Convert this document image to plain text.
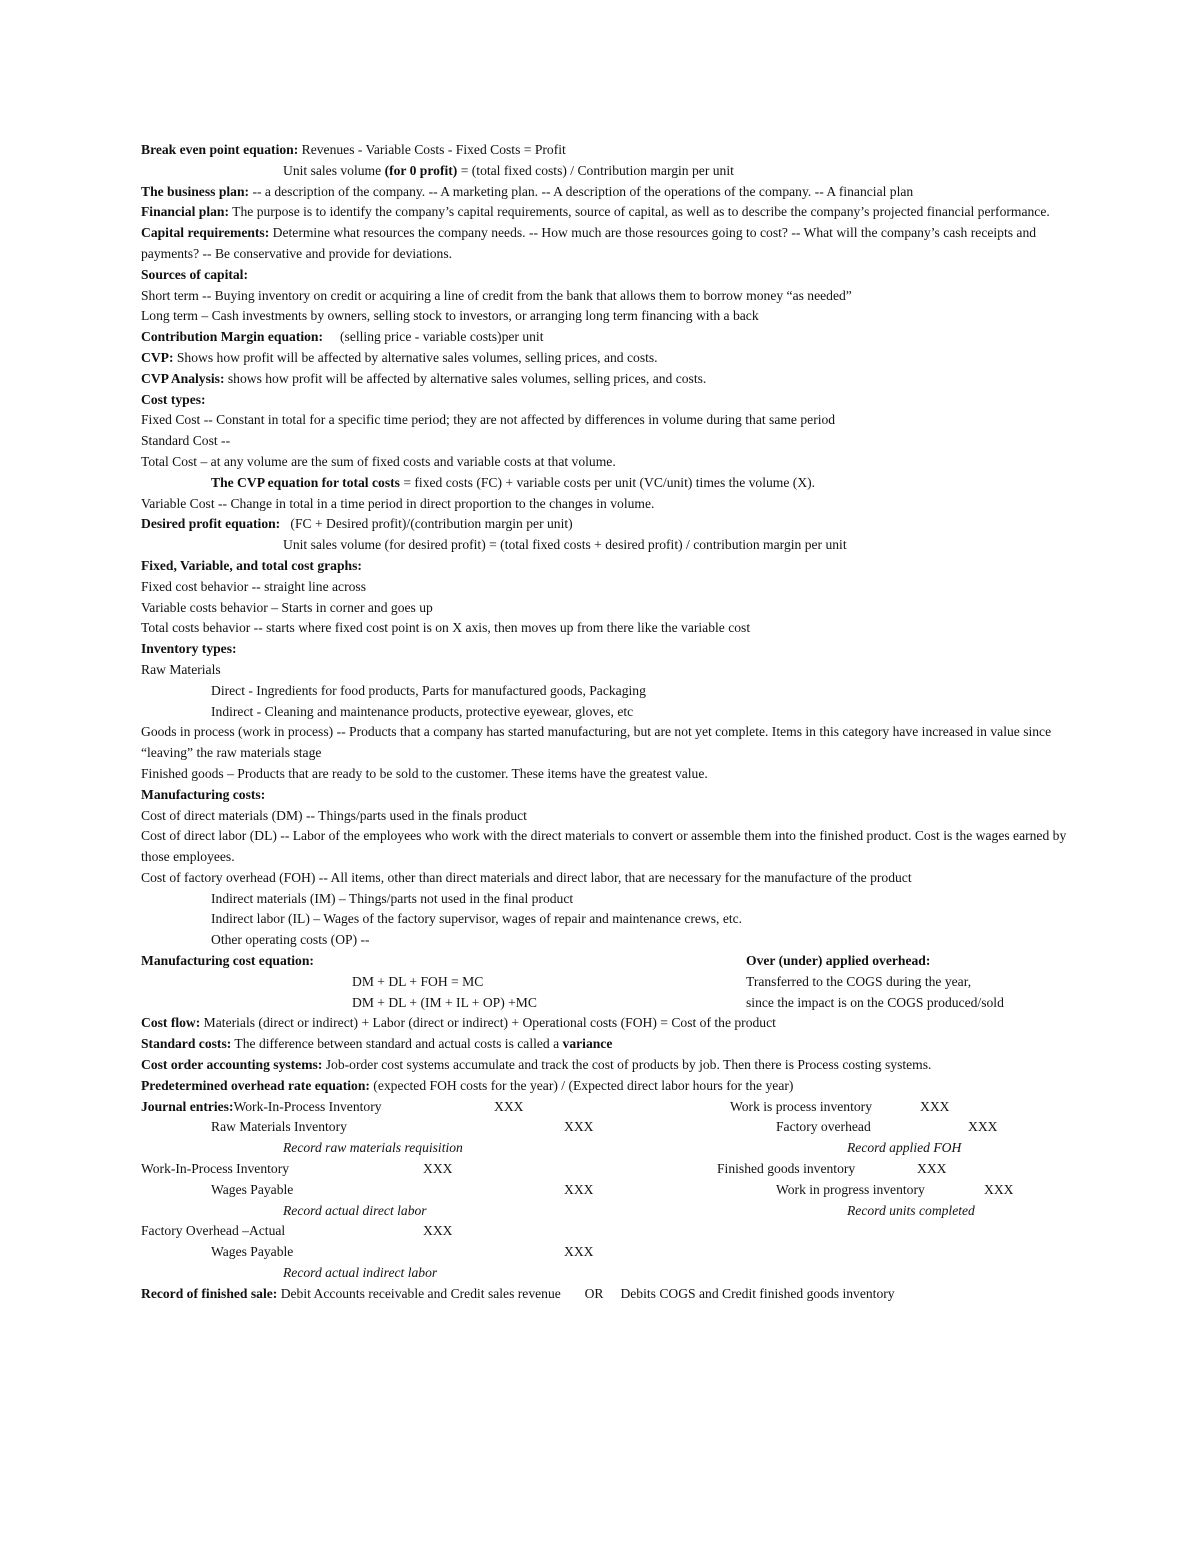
Break even point equation: Revenues - Variable Costs - Fixed Costs = Profit
Unit sales volume (for 0 profit) = (total fixed costs) / Contribution margin per unit
The business plan: -- a description of the company. -- A marketing plan. -- A description of the operations of the company. -- A financial plan
Financial plan: The purpose is to identify the company’s capital requirements, source of capital, as well as to describe the company’s projected financial performance.
Capital requirements: Determine what resources the company needs. -- How much are those resources going to cost? -- What will the company’s cash receipts and payments? -- Be conservative and provide for deviations.
Sources of capital:
Short term -- Buying inventory on credit or acquiring a line of credit from the bank that allows them to borrow money “as needed”
Long term – Cash investments by owners, selling stock to investors, or arranging long term financing with a back
Contribution Margin equation:     (selling price - variable costs)per unit
CVP: Shows how profit will be affected by alternative sales volumes, selling prices, and costs.
CVP Analysis: shows how profit will be affected by alternative sales volumes, selling prices, and costs.
Cost types:
Fixed Cost -- Constant in total for a specific time period; they are not affected by differences in volume during that same period
Standard Cost --
Total Cost – at any volume are the sum of fixed costs and variable costs at that volume.
The CVP equation for total costs = fixed costs (FC) + variable costs per unit (VC/unit) times the volume (X).
Variable Cost -- Change in total in a time period in direct proportion to the changes in volume.
Desired profit equation:   (FC + Desired profit)/(contribution margin per unit)
Unit sales volume (for desired profit) = (total fixed costs + desired profit) / contribution margin per unit
Fixed, Variable, and total cost graphs:
Fixed cost behavior -- straight line across
Variable costs behavior – Starts in corner and goes up
Total costs behavior -- starts where fixed cost point is on X axis, then moves up from there like the variable cost
Inventory types:
Raw Materials
Direct - Ingredients for food products, Parts for manufactured goods, Packaging
Indirect - Cleaning and maintenance products, protective eyewear, gloves, etc
Goods in process (work in process) -- Products that a company has started manufacturing, but are not yet complete. Items in this category have increased in value since “leaving” the raw materials stage
Finished goods – Products that are ready to be sold to the customer. These items have the greatest value.
Manufacturing costs:
Cost of direct materials (DM) -- Things/parts used in the finals product
Cost of direct labor (DL) -- Labor of the employees who work with the direct materials to convert or assemble them into the finished product. Cost is the wages earned by those employees.
Cost of factory overhead (FOH) -- All items, other than direct materials and direct labor, that are necessary for the manufacture of the product
Indirect materials (IM) – Things/parts not used in the final product
Indirect labor (IL) – Wages of the factory supervisor, wages of repair and maintenance crews, etc.
Other operating costs (OP) --
Manufacturing cost equation:	Over (under) applied overhead:
DM + DL + FOH = MC	Transferred to the COGS during the year,
DM + DL + (IM + IL + OP) +MC	since the impact is on the COGS produced/sold
Cost flow: Materials (direct or indirect) + Labor (direct or indirect) + Operational costs (FOH) = Cost of the product
Standard costs: The difference between standard and actual costs is called a variance
Cost order accounting systems: Job-order cost systems accumulate and track the cost of products by job. Then there is Process costing systems.
Predetermined overhead rate equation: (expected FOH costs for the year) / (Expected direct labor hours for the year)
Journal entries:Work-In-Process Inventory	XXX	Work is process inventory	XXX
Raw Materials Inventory	XXX	Factory overhead	XXX
Record raw materials requisition	Record applied FOH
Work-In-Process Inventory	XXX	Finished goods inventory	XXX
Wages Payable	XXX	Work in progress inventory	XXX
Record actual direct labor	Record units completed
Factory Overhead –Actual	XXX
Wages Payable	XXX
Record actual indirect labor
Record of finished sale: Debit Accounts receivable and Credit sales revenue       OR     Debits COGS and Credit finished goods inventory
